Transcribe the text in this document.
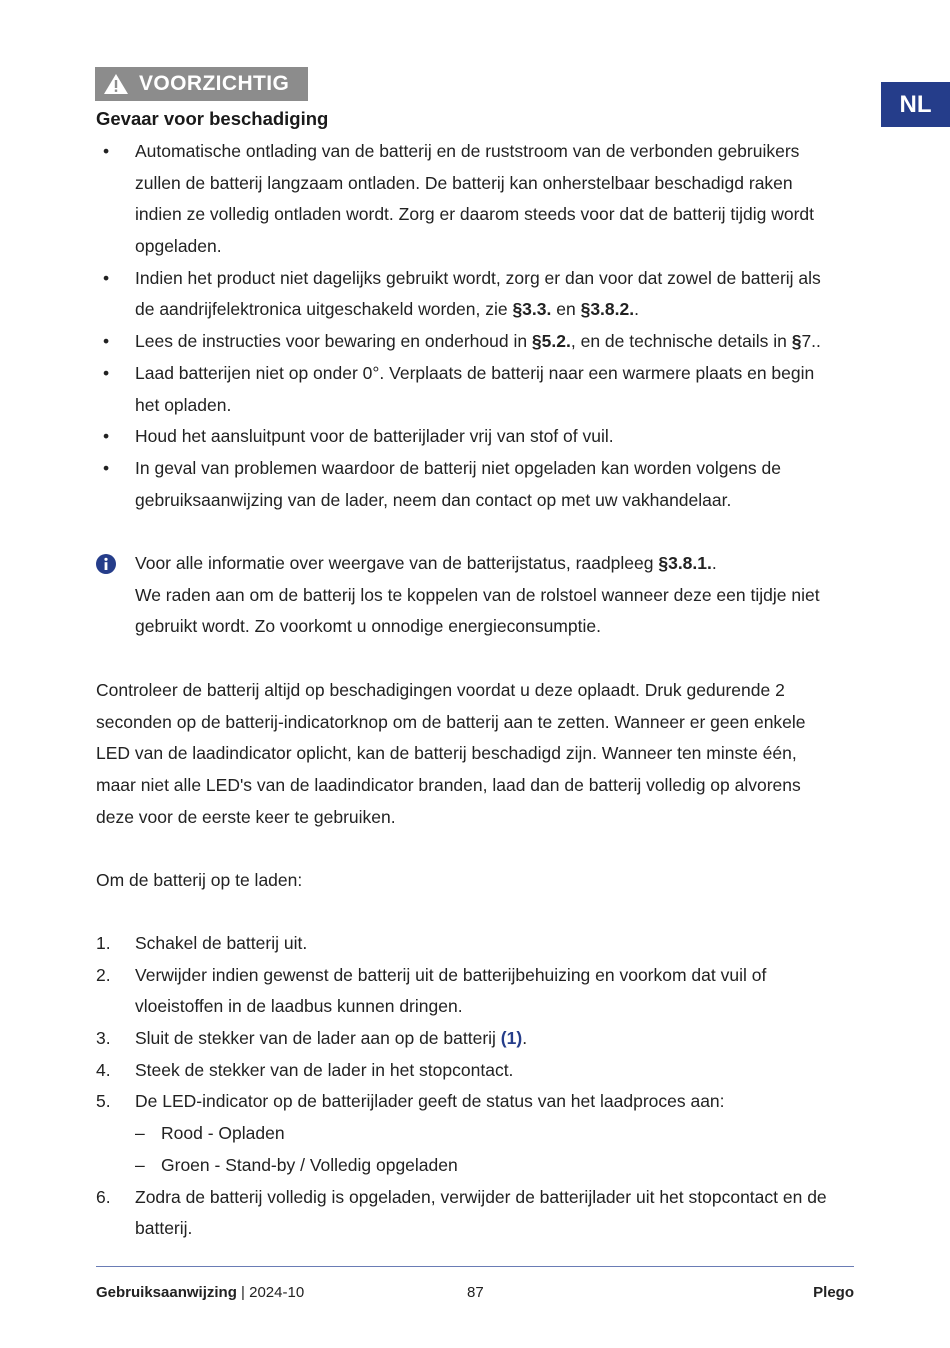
VOORZICHTIG
NL
Gevaar voor beschadiging
• Automatische ontlading van de batterij en de ruststroom van de verbonden gebruikers
zullen de batterij langzaam ontladen. De batterij kan onherstelbaar beschadigd raken
indien ze volledig ontladen wordt. Zorg er daarom steeds voor dat de batterij tijdig wordt
opgeladen.
• Indien het product niet dagelijks gebruikt wordt, zorg er dan voor dat zowel de batterij als
de aandrijfelektronica uitgeschakeld worden, zie §3.3. en §3.8.2..
• Lees de instructies voor bewaring en onderhoud in §5.2., en de technische details in §7..
• Laad batterijen niet op onder 0°. Verplaats de batterij naar een warmere plaats en begin
het opladen.
• Houd het aansluitpunt voor de batterijlader vrij van stof of vuil.
• In geval van problemen waardoor de batterij niet opgeladen kan worden volgens de
gebruiksaanwijzing van de lader, neem dan contact op met uw vakhandelaar.
Voor alle informatie over weergave van de batterijstatus, raadpleeg §3.8.1..
We raden aan om de batterij los te koppelen van de rolstoel wanneer deze een tijdje niet
gebruikt wordt. Zo voorkomt u onnodige energieconsumptie.
Controleer de batterij altijd op beschadigingen voordat u deze oplaadt. Druk gedurende 2
seconden op de batterij-indicatorknop om de batterij aan te zetten. Wanneer er geen enkele
LED van de laadindicator oplicht, kan de batterij beschadigd zijn. Wanneer ten minste één,
maar niet alle LED's van de laadindicator branden, laad dan de batterij volledig op alvorens
deze voor de eerste keer te gebruiken.
Om de batterij op te laden:
1. Schakel de batterij uit.
2. Verwijder indien gewenst de batterij uit de batterijbehuizing en voorkom dat vuil of
vloeistoffen in de laadbus kunnen dringen.
3. Sluit de stekker van de lader aan op de batterij (1).
4. Steek de stekker van de lader in het stopcontact.
5. De LED-indicator op de batterijlader geeft de status van het laadproces aan:
– Rood - Opladen
– Groen - Stand-by / Volledig opgeladen
6. Zodra de batterij volledig is opgeladen, verwijder de batterijlader uit het stopcontact en de
batterij.
Gebruiksaanwijzing | 2024-10	87	Plego
